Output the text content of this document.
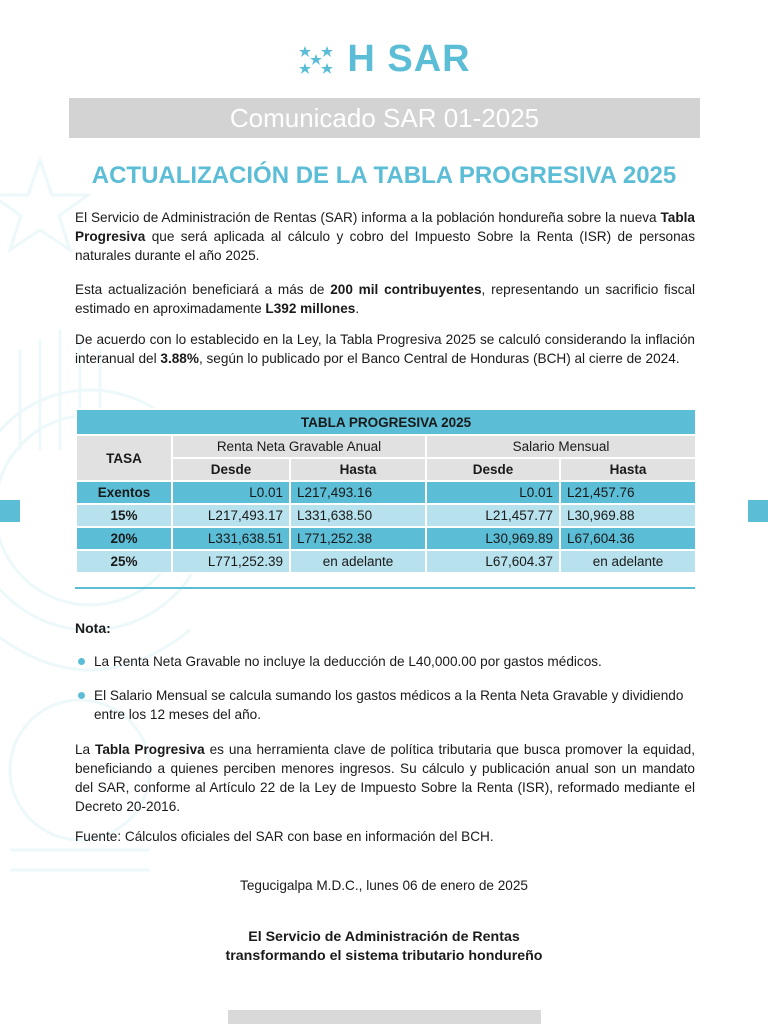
H SAR
Comunicado SAR 01-2025
ACTUALIZACIÓN DE LA TABLA PROGRESIVA 2025

El Servicio de Administración de Rentas (SAR) informa a la población hondureña sobre la nueva Tabla Progresiva que será aplicada al cálculo y cobro del Impuesto Sobre la Renta (ISR) de personas naturales durante el año 2025.

Esta actualización beneficiará a más de 200 mil contribuyentes, representando un sacrificio fiscal estimado en aproximadamente L392 millones.

De acuerdo con lo establecido en la Ley, la Tabla Progresiva 2025 se calculó considerando la inflación interanual del 3.88%, según lo publicado por el Banco Central de Honduras (BCH) al cierre de 2024.

TABLA PROGRESIVA 2025				
TASA	Renta Neta Gravable Anual		Salario Mensual	
	Desde	Hasta	Desde	Hasta
Exentos	L0.01	L217,493.16	L0.01	L21,457.76
15%	L217,493.17	L331,638.50	L21,457.77	L30,969.88
20%	L331,638.51	L771,252.38	L30,969.89	L67,604.36
25%	L771,252.39	en adelante	L67,604.37	en adelante
Nota:
La Renta Neta Gravable no incluye la deducción de L40,000.00 por gastos médicos.
El Salario Mensual se calcula sumando los gastos médicos a la Renta Neta Gravable y dividiendo entre los 12 meses del año.

La Tabla Progresiva es una herramienta clave de política tributaria que busca promover la equidad, beneficiando a quienes perciben menores ingresos. Su cálculo y publicación anual son un mandato del SAR, conforme al Artículo 22 de la Ley de Impuesto Sobre la Renta (ISR), reformado mediante el Decreto 20-2016.

Fuente: Cálculos oficiales del SAR con base en información del BCH.

Tegucigalpa M.D.C., lunes 06 de enero de 2025
El Servicio de Administración de Rentas
transformando el sistema tributario hondureño
